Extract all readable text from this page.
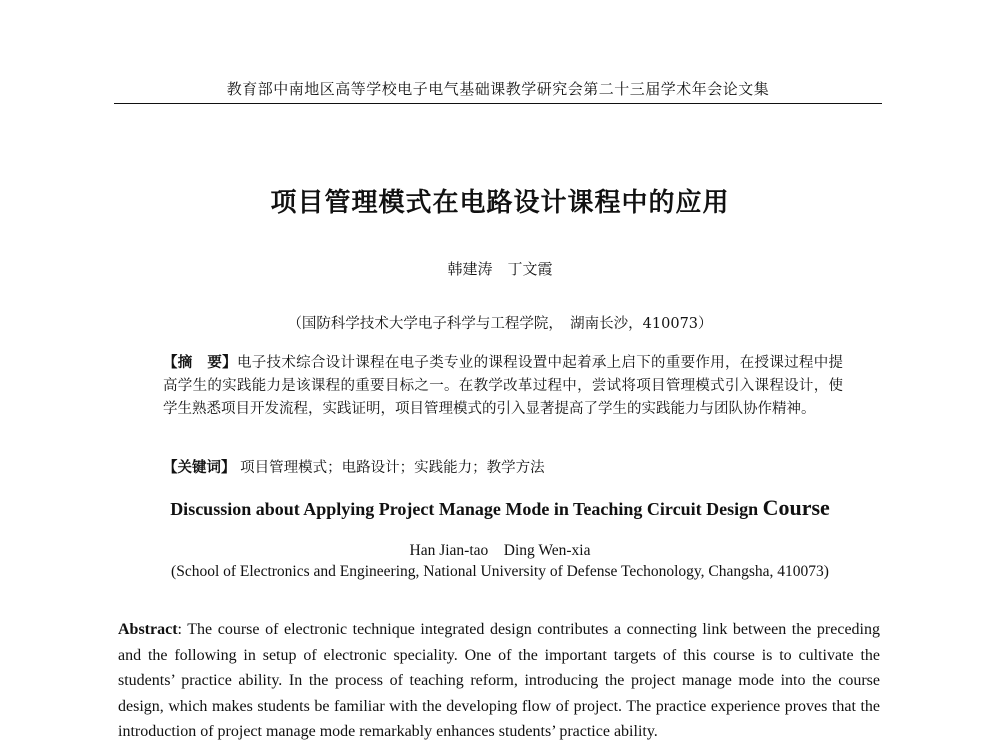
教育部中南地区高等学校电子电气基础课教学研究会第二十三届学术年会论文集
项目管理模式在电路设计课程中的应用
韩建涛　丁文霞
（国防科学技术大学电子科学与工程学院，　湖南长沙，410073）
【摘　要】电子技术综合设计课程在电子类专业的课程设置中起着承上启下的重要作用，在授课过程中提高学生的实践能力是该课程的重要目标之一。在教学改革过程中，尝试将项目管理模式引入课程设计，使学生熟悉项目开发流程，实践证明，项目管理模式的引入显著提高了学生的实践能力与团队协作精神。
【关键词】 项目管理模式；电路设计；实践能力；教学方法
Discussion about Applying Project Manage Mode in Teaching Circuit Design Course
Han Jian-tao　Ding Wen-xia
(School of Electronics and Engineering, National University of Defense Techonology, Changsha, 410073)
Abstract: The course of electronic technique integrated design contributes a connecting link between the preceding and the following in setup of electronic speciality. One of the important targets of this course is to cultivate the students’ practice ability. In the process of teaching reform, introducing the project manage mode into the course design, which makes students be familiar with the developing flow of project. The practice experience proves that the introduction of project manage mode remarkably enhances students’ practice ability.
